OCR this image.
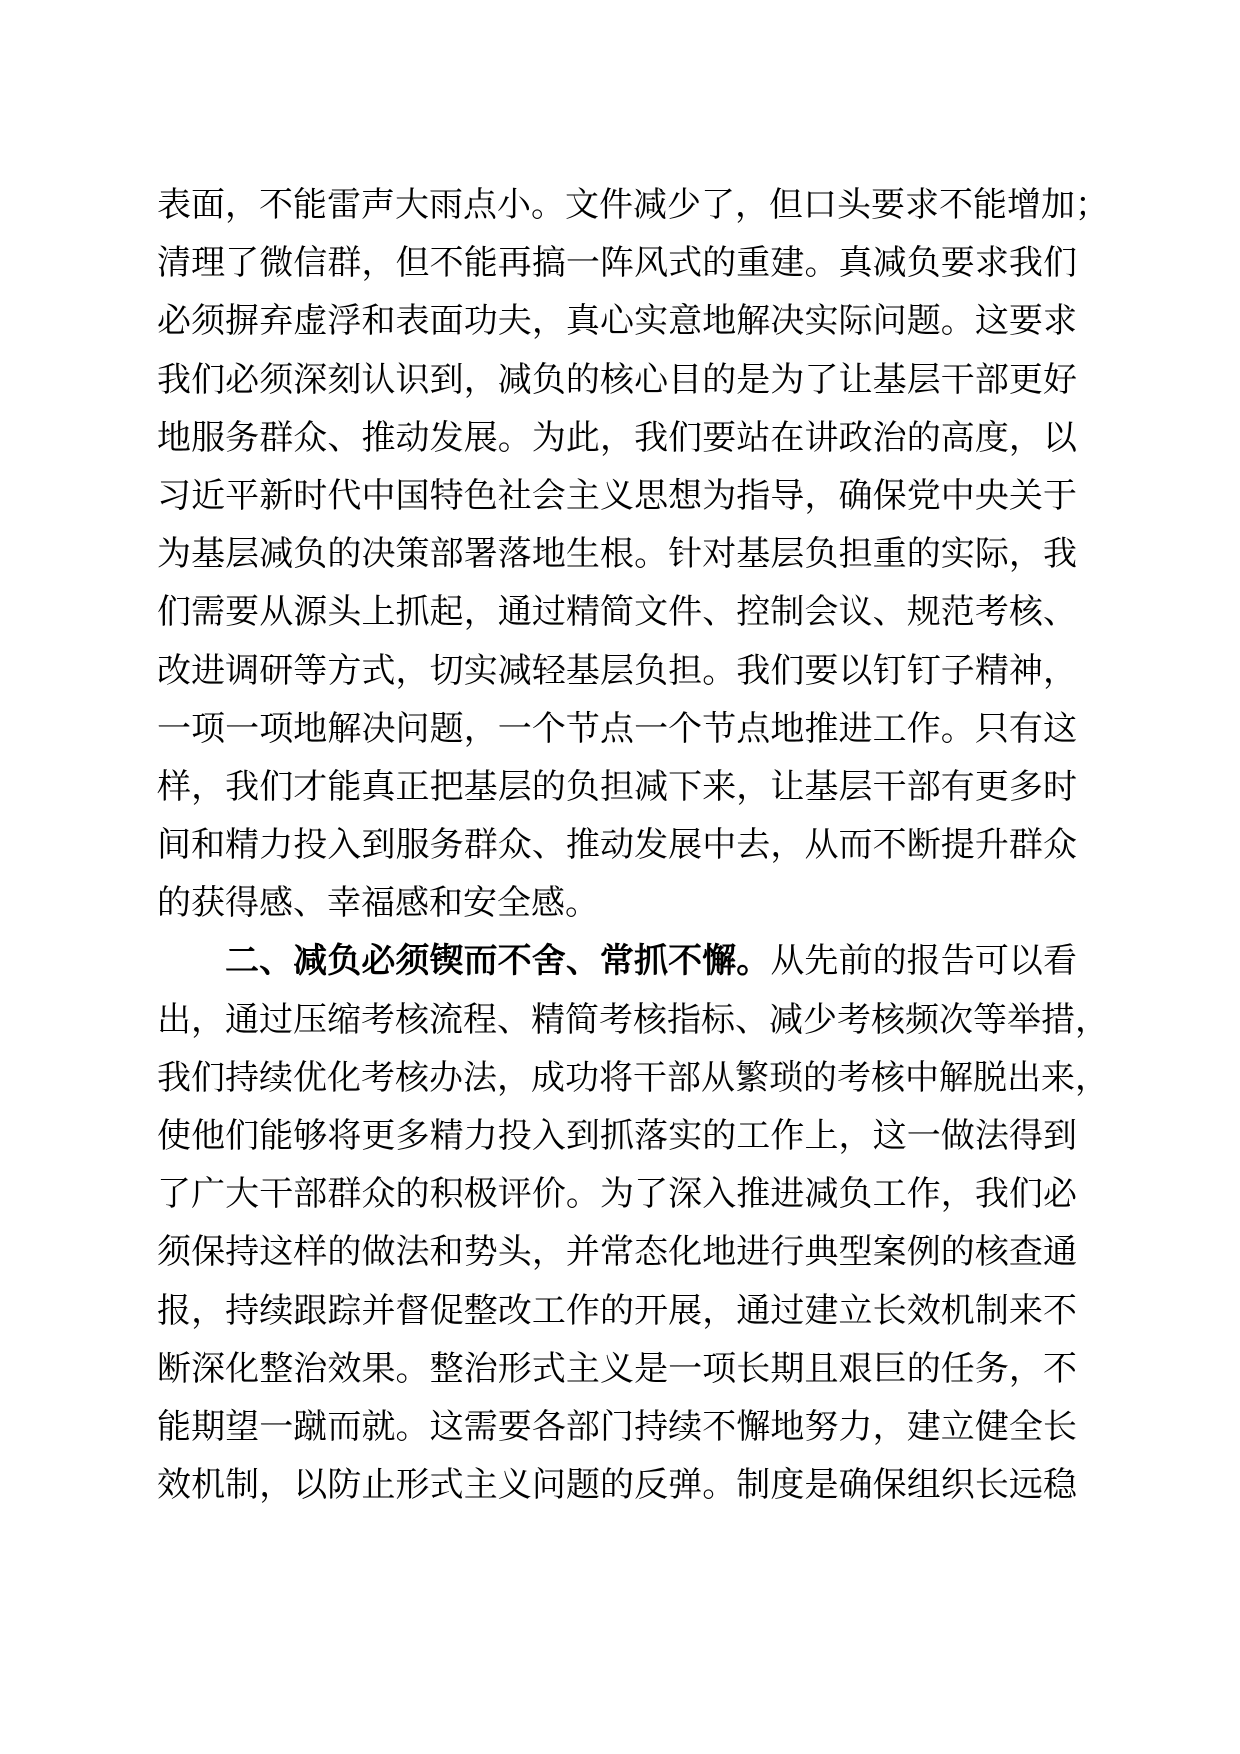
表面，不能雷声大雨点小。文件减少了，但口头要求不能增加；
清理了微信群，但不能再搞一阵风式的重建。真减负要求我们
必须摒弃虚浮和表面功夫，真心实意地解决实际问题。这要求
我们必须深刻认识到，减负的核心目的是为了让基层干部更好
地服务群众、推动发展。为此，我们要站在讲政治的高度，以
习近平新时代中国特色社会主义思想为指导，确保党中央关于
为基层减负的决策部署落地生根。针对基层负担重的实际，我
们需要从源头上抓起，通过精简文件、控制会议、规范考核、
改进调研等方式，切实减轻基层负担。我们要以钉钉子精神，
一项一项地解决问题，一个节点一个节点地推进工作。只有这
样，我们才能真正把基层的负担减下来，让基层干部有更多时
间和精力投入到服务群众、推动发展中去，从而不断提升群众
的获得感、幸福感和安全感。
二、减负必须锲而不舍、常抓不懈。从先前的报告可以看
出，通过压缩考核流程、精简考核指标、减少考核频次等举措，
我们持续优化考核办法，成功将干部从繁琐的考核中解脱出来，
使他们能够将更多精力投入到抓落实的工作上，这一做法得到
了广大干部群众的积极评价。为了深入推进减负工作，我们必
须保持这样的做法和势头，并常态化地进行典型案例的核查通
报，持续跟踪并督促整改工作的开展，通过建立长效机制来不
断深化整治效果。整治形式主义是一项长期且艰巨的任务，不
能期望一蹴而就。这需要各部门持续不懈地努力，建立健全长
效机制，以防止形式主义问题的反弹。制度是确保组织长远稳
